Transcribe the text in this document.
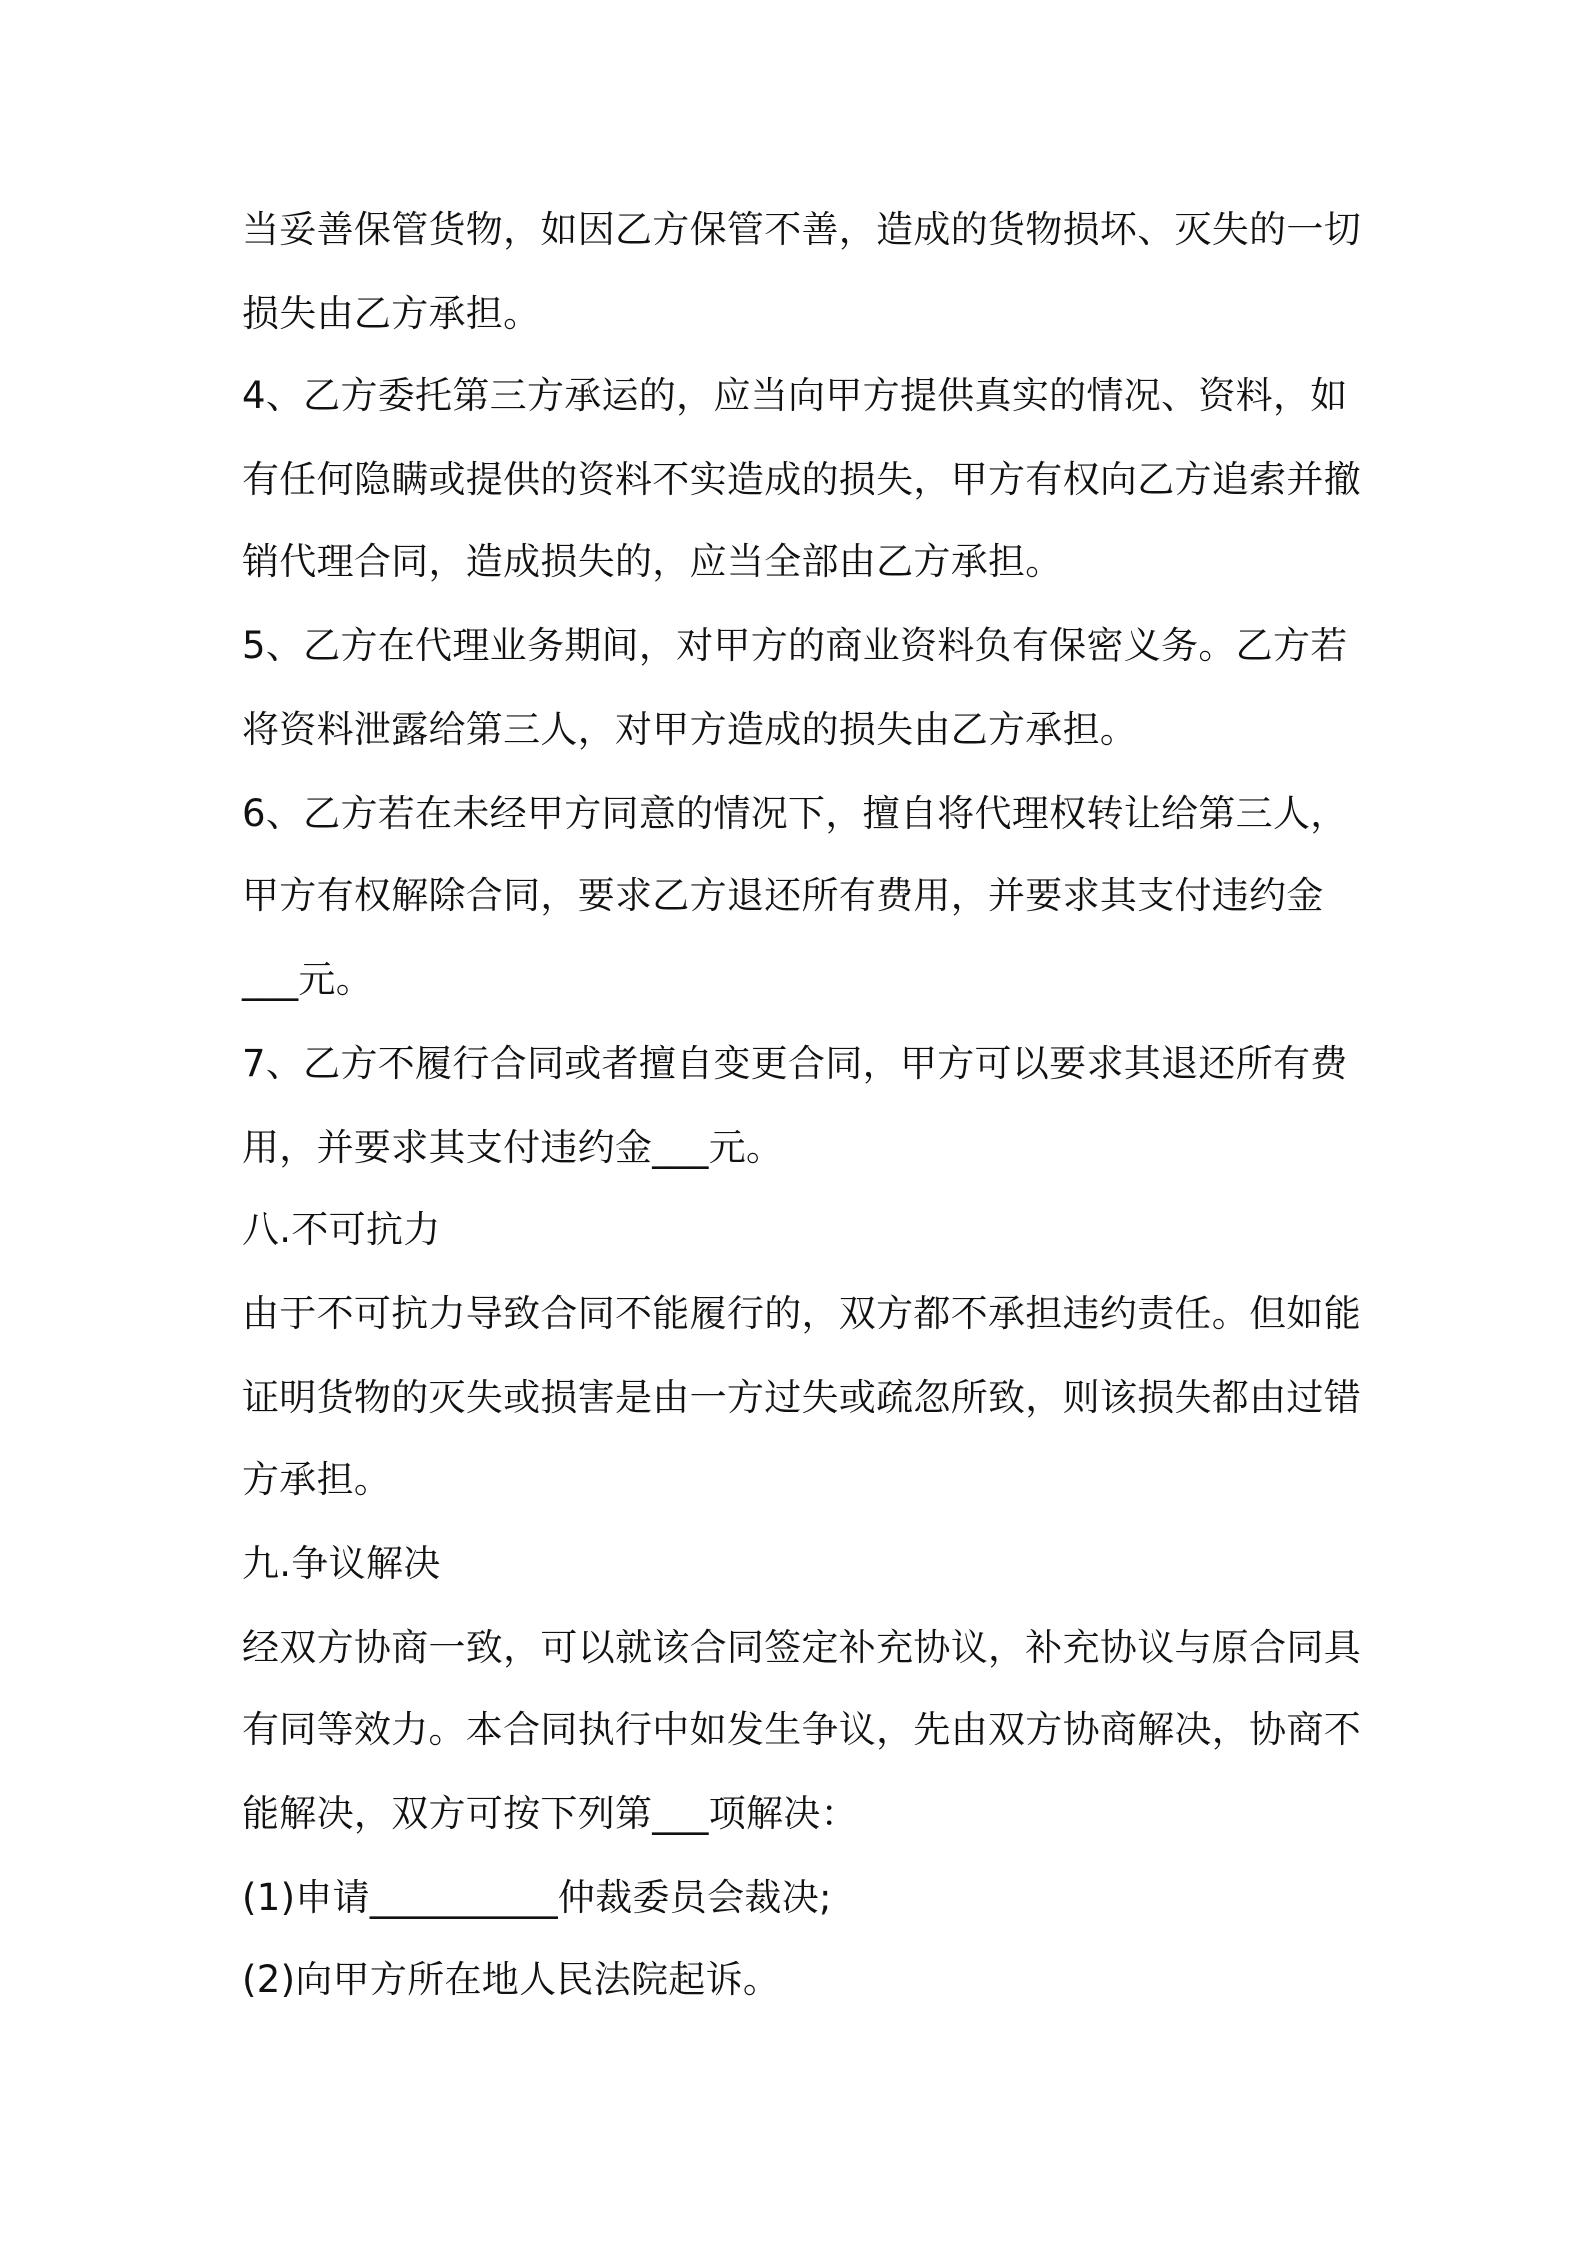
当妥善保管货物，如因乙方保管不善，造成的货物损坏、灭失的一切
损失由乙方承担。
4、乙方委托第三方承运的，应当向甲方提供真实的情况、资料，如
有任何隐瞒或提供的资料不实造成的损失，甲方有权向乙方追索并撤
销代理合同，造成损失的，应当全部由乙方承担。
5、乙方在代理业务期间，对甲方的商业资料负有保密义务。乙方若
将资料泄露给第三人，对甲方造成的损失由乙方承担。
6、乙方若在未经甲方同意的情况下，擅自将代理权转让给第三人，
甲方有权解除合同，要求乙方退还所有费用，并要求其支付违约金
___元。
7、乙方不履行合同或者擅自变更合同，甲方可以要求其退还所有费
用，并要求其支付违约金___元。
八.不可抗力
由于不可抗力导致合同不能履行的，双方都不承担违约责任。但如能
证明货物的灭失或损害是由一方过失或疏忽所致，则该损失都由过错
方承担。
九.争议解决
经双方协商一致，可以就该合同签定补充协议，补充协议与原合同具
有同等效力。本合同执行中如发生争议，先由双方协商解决，协商不
能解决，双方可按下列第___项解决：
(1)申请__________仲裁委员会裁决;
(2)向甲方所在地人民法院起诉。
